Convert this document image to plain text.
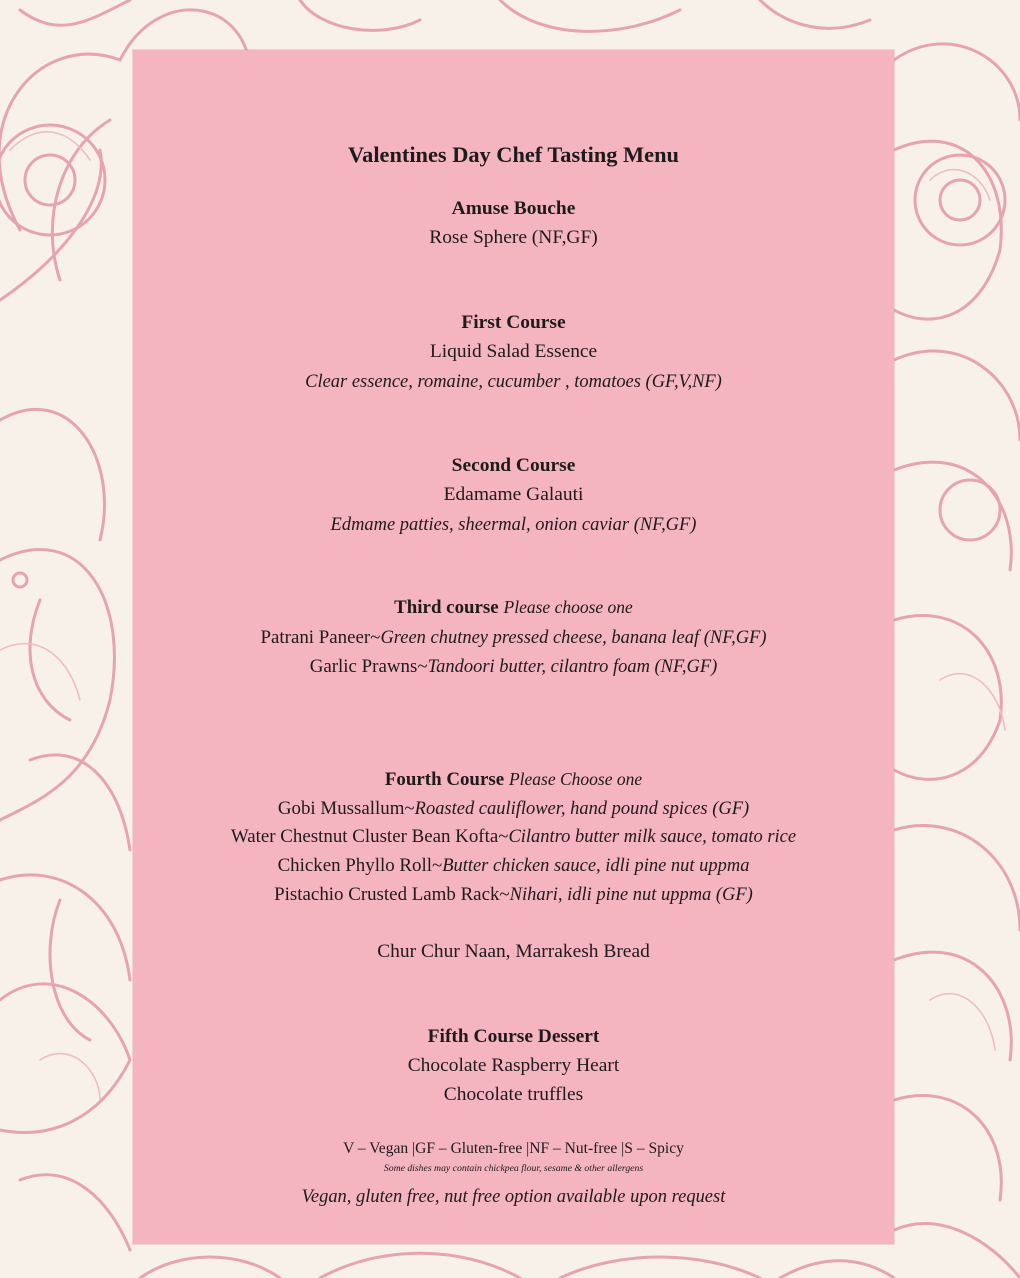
Valentines Day Chef Tasting Menu
Amuse Bouche
Rose Sphere (NF,GF)
First Course
Liquid Salad Essence
Clear essence, romaine, cucumber , tomatoes (GF,V,NF)
Second Course
Edamame Galauti
Edmame patties, sheermal, onion caviar (NF,GF)
Third course Please choose one
Patrani Paneer~Green chutney pressed cheese, banana leaf (NF,GF)
Garlic Prawns~Tandoori butter, cilantro foam (NF,GF)
Fourth Course Please Choose one
Gobi Mussallum~Roasted cauliflower, hand pound spices (GF)
Water Chestnut Cluster Bean Kofta~Cilantro butter milk sauce, tomato rice
Chicken Phyllo Roll~Butter chicken sauce, idli pine nut uppma
Pistachio Crusted Lamb Rack~Nihari, idli pine nut uppma (GF)
Chur Chur Naan, Marrakesh Bread
Fifth Course Dessert
Chocolate Raspberry Heart
Chocolate truffles
V – Vegan |GF – Gluten-free |NF – Nut-free |S – Spicy
Some dishes may contain chickpea flour, sesame & other allergens
Vegan, gluten free, nut free option available upon request
